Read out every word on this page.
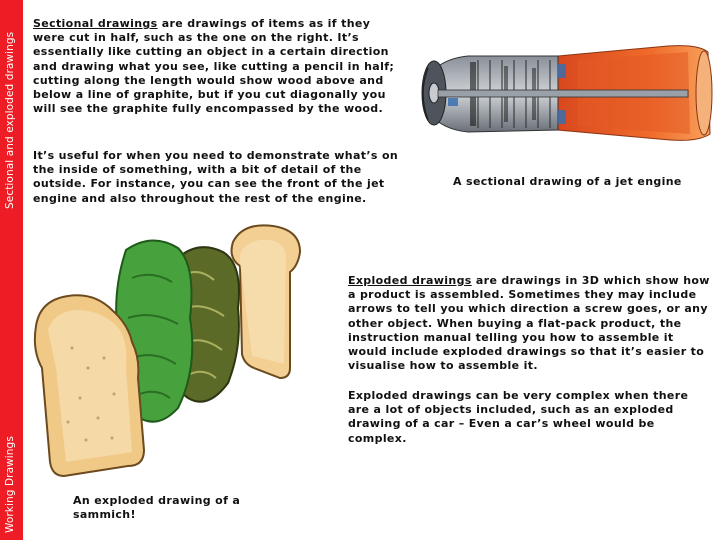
Sectional and exploded drawings
Working Drawings
Sectional drawings are drawings of items as if they were cut in half, such as the one on the right. It’s essentially like cutting an object in a certain direction and drawing what you see, like cutting a pencil in half; cutting along the length would show wood above and below a line of graphite, but if you cut diagonally you will see the graphite fully encompassed by the wood.
It’s useful for when you need to demonstrate what’s on the inside of something, with a bit of detail of the outside. For instance, you can see the front of the jet engine and also throughout the rest of the engine.
A sectional drawing of a jet engine
Exploded drawings are drawings in 3D which show how a product is assembled. Sometimes they may include arrows to tell you which direction a screw goes, or any other object. When buying a flat-pack product, the instruction manual telling you how to assemble it would include exploded drawings so that it’s easier to visualise how to assemble it.
Exploded drawings can be very complex when there are a lot of objects included, such as an exploded drawing of a car – Even a car’s wheel would be complex.
An exploded drawing of a sammich!
